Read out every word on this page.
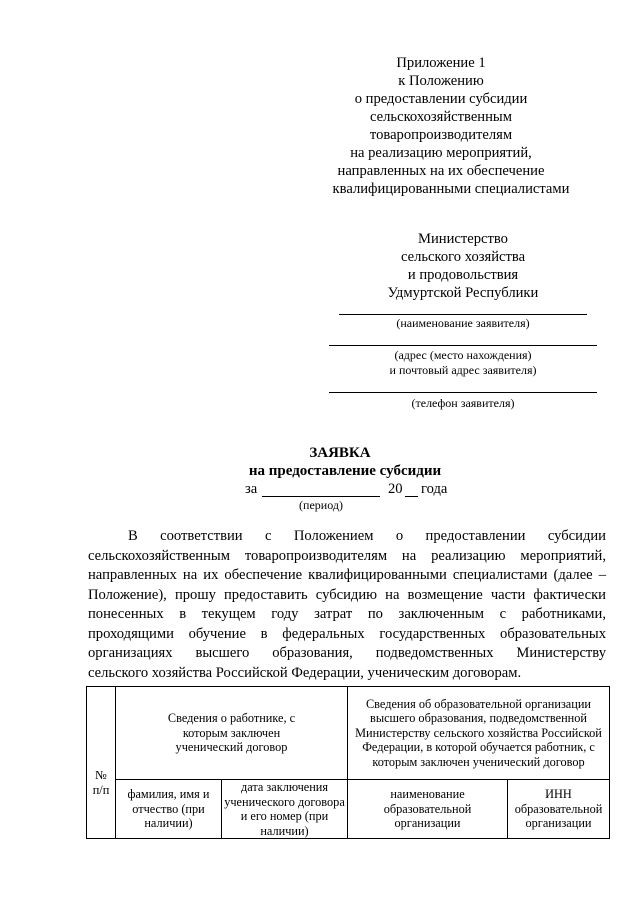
Приложение 1
к Положению
о предоставлении субсидии
сельскохозяйственным
товаропроизводителям
на реализацию мероприятий,
направленных на их обеспечение
квалифицированными специалистами
Министерство
сельского хозяйства
и продовольствия
Удмуртской Республики
(наименование заявителя)
(адрес (место нахождения)
и почтовый адрес заявителя)
(телефон заявителя)
ЗАЯВКА
на предоставление субсидии
за	20 года
(период)
В соответствии с Положением о предоставлении субсидии
сельскохозяйственным товаропроизводителям на реализацию мероприятий,
направленных на их обеспечение квалифицированными специалистами (далее –
Положение), прошу предоставить субсидию на возмещение части фактически
понесенных в текущем году затрат по заключенным с работниками,
проходящими обучение в федеральных государственных образовательных
организациях высшего образования, подведомственных Министерству
сельского хозяйства Российской Федерации, ученическим договорам.
№ п/п
Сведения о работнике, с которым заключен ученический договор
Сведения об образовательной организации высшего образования, подведомственной Министерству сельского хозяйства Российской Федерации, в которой обучается работник, с которым заключен ученический договор
фамилия, имя и отчество (при наличии)
дата заключения ученического договора и его номер (при наличии)
наименование образовательной организации
ИНН образовательной организации
